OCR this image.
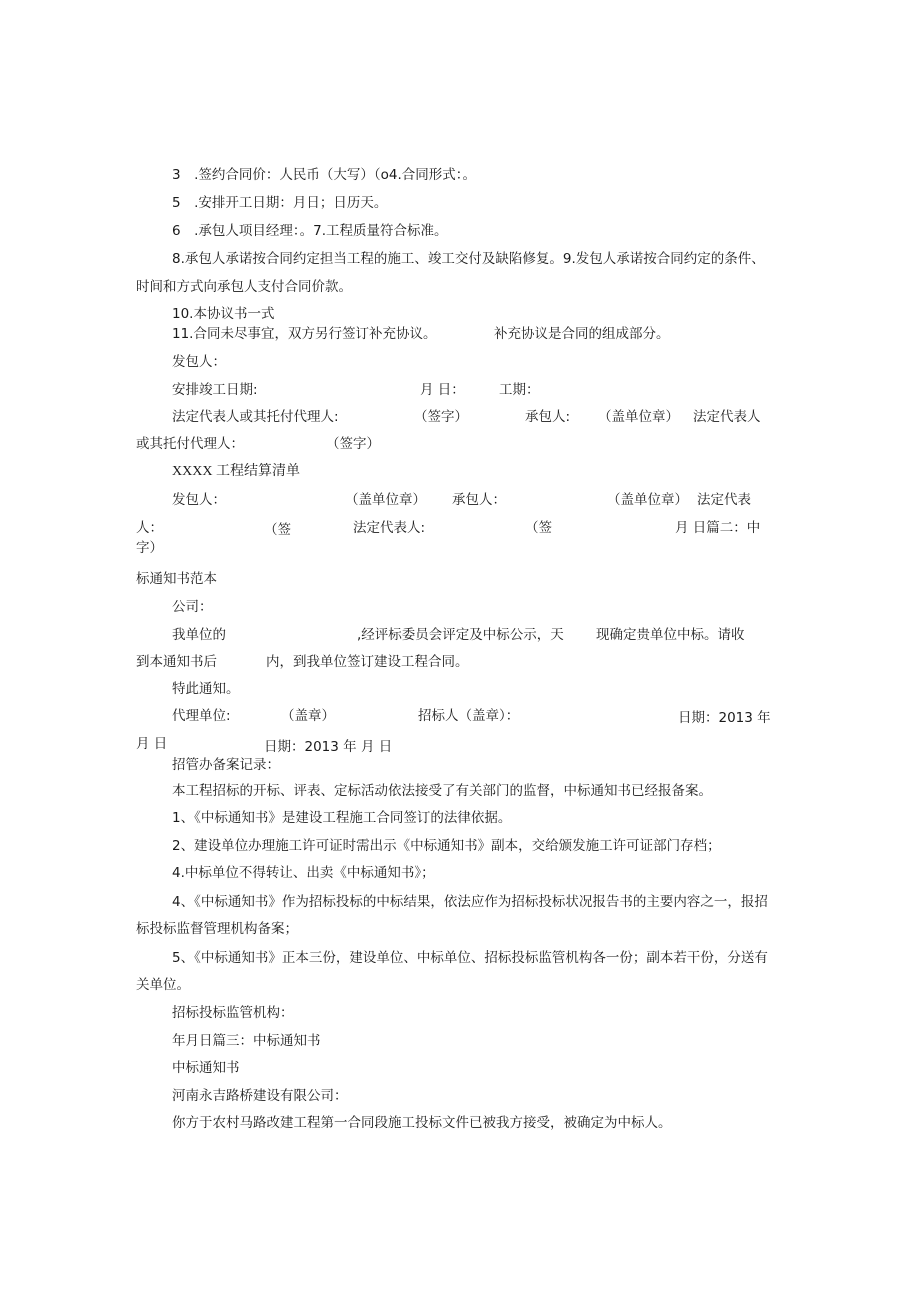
3　.签约合同价：人民币（大写）（o4.合同形式：。
5　.安排开工日期：月日；日历天。
6　.承包人项目经理：。7.工程质量符合标准。
8.承包人承诺按合同约定担当工程的施工、竣工交付及缺陷修复。9.发包人承诺按合同约定的条件、
时间和方式向承包人支付合同价款。
10.本协议书一式
11.合同未尽事宜，双方另行签订补充协议。	补充协议是合同的组成部分。
发包人：
安排竣工日期:	月 日：	工期：
法定代表人或其托付代理人:	（签字）	承包人: （盖单位章） 法定代表人
或其托付代理人：	（签字）
XXXX 工程结算清单
发包人：	（盖单位章） 承包人：	（盖单位章） 法定代表
人：	（签	法定代表人:	（签	月 日篇二：中
字）
标通知书范本
公司：
我单位的	,经评标委员会评定及中标公示，天 现确定贵单位中标。请收
到本通知书后	内，到我单位签订建设工程合同。
特此通知。
代理单位:	（盖章）	招标人（盖章）：	日期：2013 年
月 日	日期：2013 年 月 日
招管办备案记录：
本工程招标的开标、评表、定标活动依法接受了有关部门的监督，中标通知书已经报备案。
1、《中标通知书》是建设工程施工合同签订的法律依据。
2、建设单位办理施工许可证时需出示《中标通知书》副本，交给颁发施工许可证部门存档；
4.中标单位不得转让、出卖《中标通知书》；
4、《中标通知书》作为招标投标的中标结果，依法应作为招标投标状况报告书的主要内容之一，报招
标投标监督管理机构备案；
5、《中标通知书》正本三份，建设单位、中标单位、招标投标监管机构各一份；副本若干份，分送有
关单位。
招标投标监管机构：
年月日篇三：中标通知书
中标通知书
河南永吉路桥建设有限公司：
你方于农村马路改建工程第一合同段施工投标文件已被我方接受，被确定为中标人。
